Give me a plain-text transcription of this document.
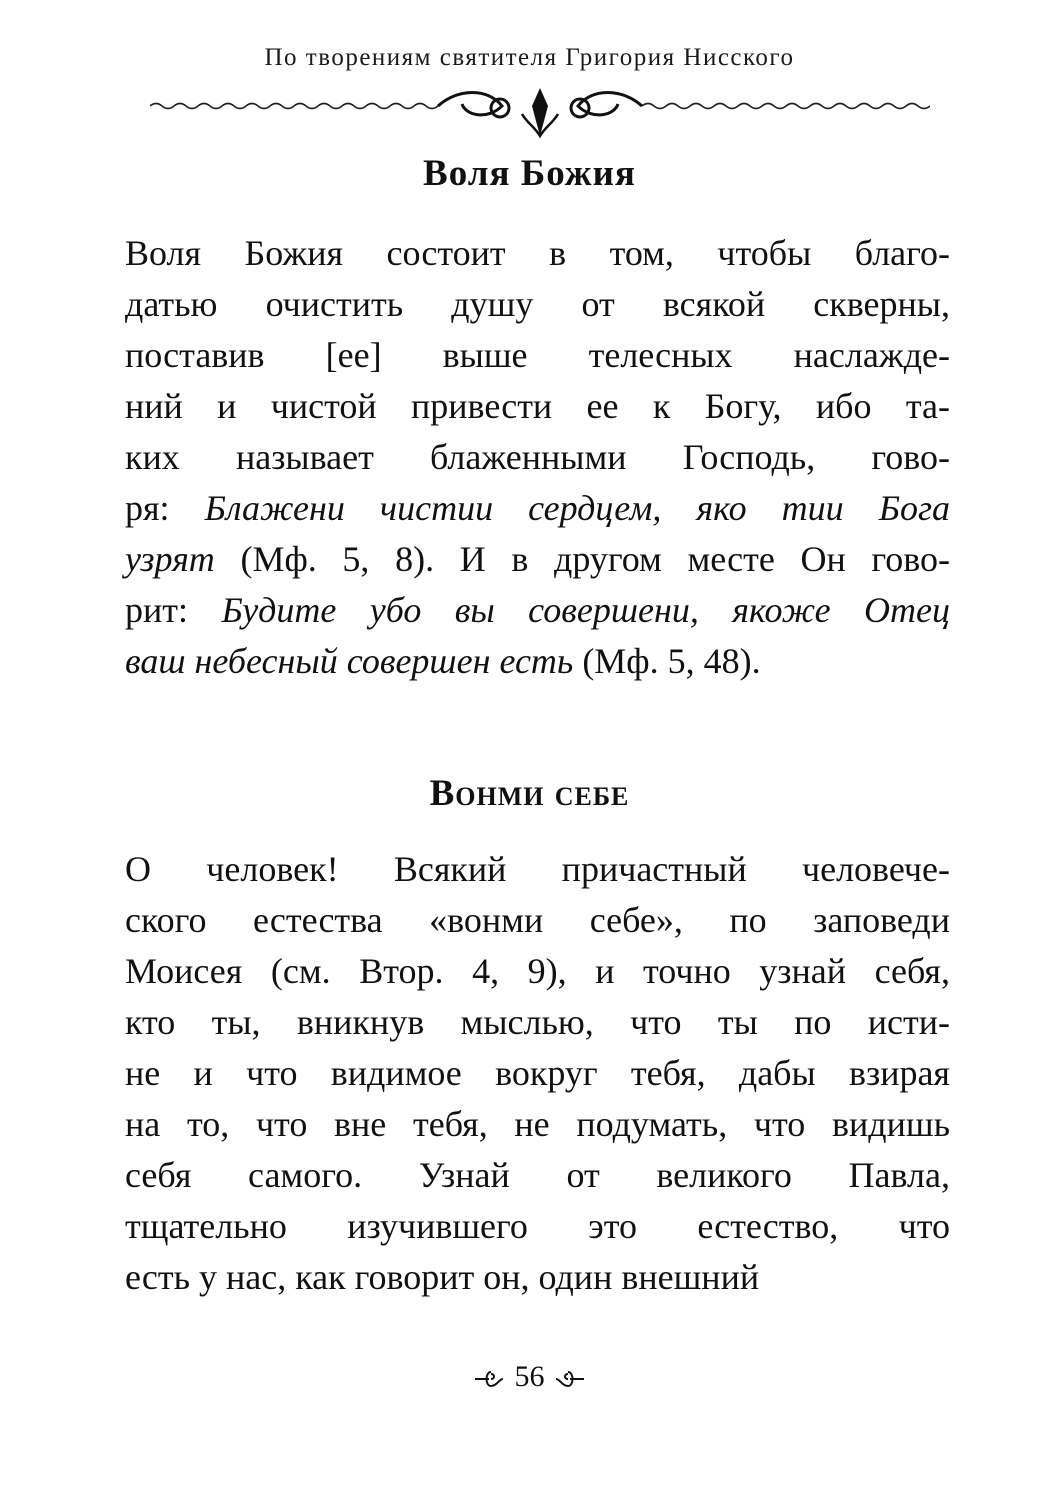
По творениям святителя Григория Нисского
Воля Божия

Воля Божия состоит в том, чтобы благо-
датью очистить душу от всякой скверны,
поставив [ее] выше телесных наслажде-
ний и чистой привести ее к Богу, ибо та-
ких называет блаженными Господь, гово-
ря: Блажени чистии сердцем, яко тии Бога
узрят (Мф. 5, 8). И в другом месте Он гово-
рит: Будите убо вы совершени, якоже Отец
ваш небесный совершен есть (Мф. 5, 48).

Вонми себе

О человек! Всякий причастный человече-
ского естества «вонми себе», по заповеди
Моисея (см. Втор. 4, 9), и точно узнай себя,
кто ты, вникнув мыслью, что ты по исти-
не и что видимое вокруг тебя, дабы взирая
на то, что вне тебя, не подумать, что видишь
себя самого. Узнай от великого Павла,
тщательно изучившего это естество, что
есть у нас, как говорит он, один внешний

56
